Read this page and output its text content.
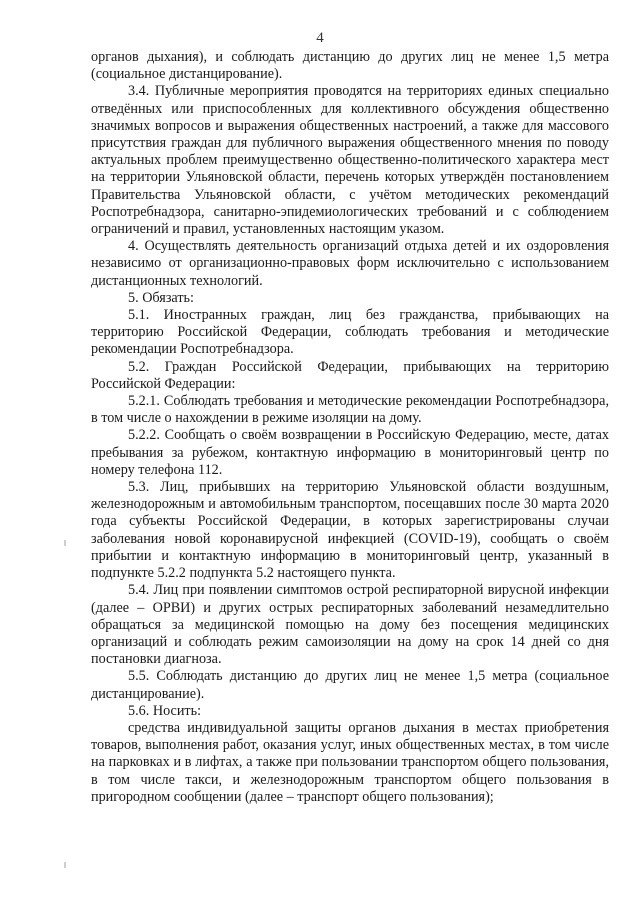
4

органов дыхания), и соблюдать дистанцию до других лиц не менее 1,5 метра (социальное дистанцирование).

3.4. Публичные мероприятия проводятся на территориях единых специально отведённых или приспособленных для коллективного обсуждения общественно значимых вопросов и выражения общественных настроений, а также для массового присутствия граждан для публичного выражения общественного мнения по поводу актуальных проблем преимущественно общественно-политического характера мест на территории Ульяновской области, перечень которых утверждён постановлением Правительства Ульяновской области, с учётом методических рекомендаций Роспотребнадзора, санитарно-эпидемиологических требований и с соблюдением ограничений и правил, установленных настоящим указом.

4. Осуществлять деятельность организаций отдыха детей и их оздоровления независимо от организационно-правовых форм исключительно с использованием дистанционных технологий.

5. Обязать:

5.1. Иностранных граждан, лиц без гражданства, прибывающих на территорию Российской Федерации, соблюдать требования и методические рекомендации Роспотребнадзора.

5.2. Граждан Российской Федерации, прибывающих на территорию Российской Федерации:

5.2.1. Соблюдать требования и методические рекомендации Роспотребнадзора, в том числе о нахождении в режиме изоляции на дому.

5.2.2. Сообщать о своём возвращении в Российскую Федерацию, месте, датах пребывания за рубежом, контактную информацию в мониторинговый центр по номеру телефона 112.

5.3. Лиц, прибывших на территорию Ульяновской области воздушным, железнодорожным и автомобильным транспортом, посещавших после 30 марта 2020 года субъекты Российской Федерации, в которых зарегистрированы случаи заболевания новой коронавирусной инфекцией (COVID-19), сообщать о своём прибытии и контактную информацию в мониторинговый центр, указанный в подпункте 5.2.2 подпункта 5.2 настоящего пункта.

5.4. Лиц при появлении симптомов острой респираторной вирусной инфекции (далее – ОРВИ) и других острых респираторных заболеваний незамедлительно обращаться за медицинской помощью на дому без посещения медицинских организаций и соблюдать режим самоизоляции на дому на срок 14 дней со дня постановки диагноза.

5.5. Соблюдать дистанцию до других лиц не менее 1,5 метра (социальное дистанцирование).

5.6. Носить:

средства индивидуальной защиты органов дыхания в местах приобретения товаров, выполнения работ, оказания услуг, иных общественных местах, в том числе на парковках и в лифтах, а также при пользовании транспортом общего пользования, в том числе такси, и железнодорожным транспортом общего пользования в пригородном сообщении (далее – транспорт общего пользования);
